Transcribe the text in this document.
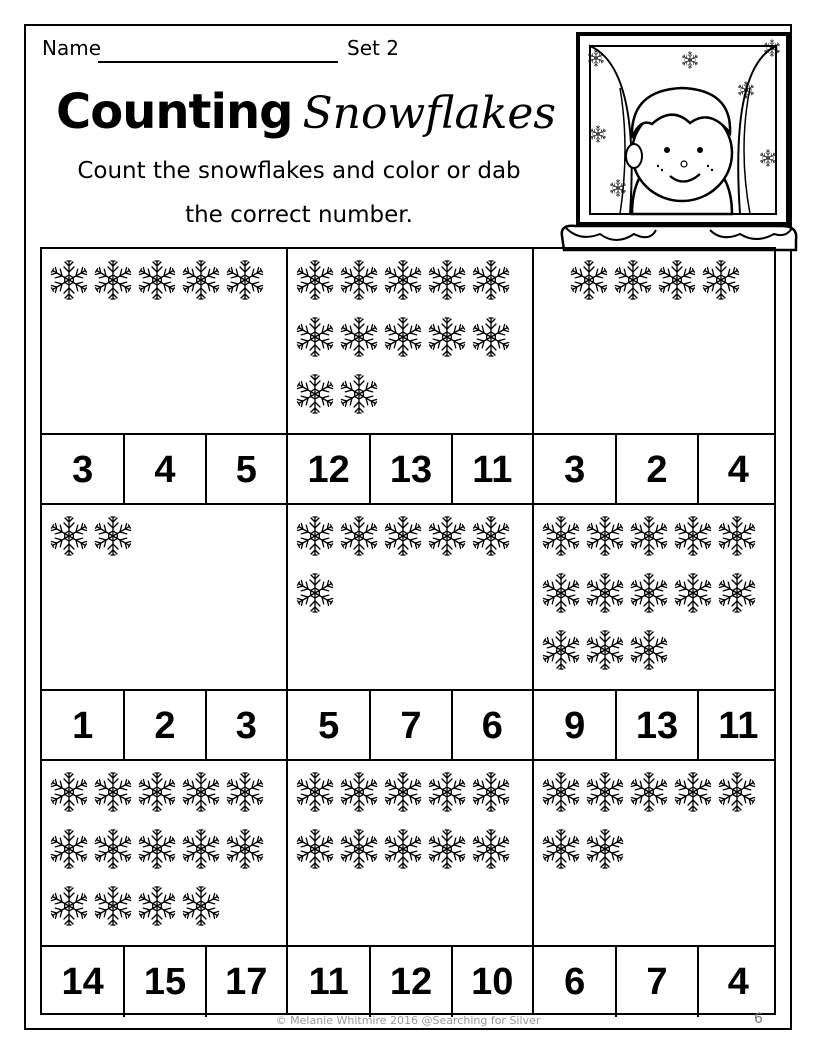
Name	Set 2
Counting Snowflakes
Count the snowflakes and color or dab
the correct number.
3	4	5	12	13	11	3	2	4
1	2	3	5	7	6	9	13	11
14	15	17	11	12	10	6	7	4
© Melanie Whitmire 2016 @Searching for Silver	6
